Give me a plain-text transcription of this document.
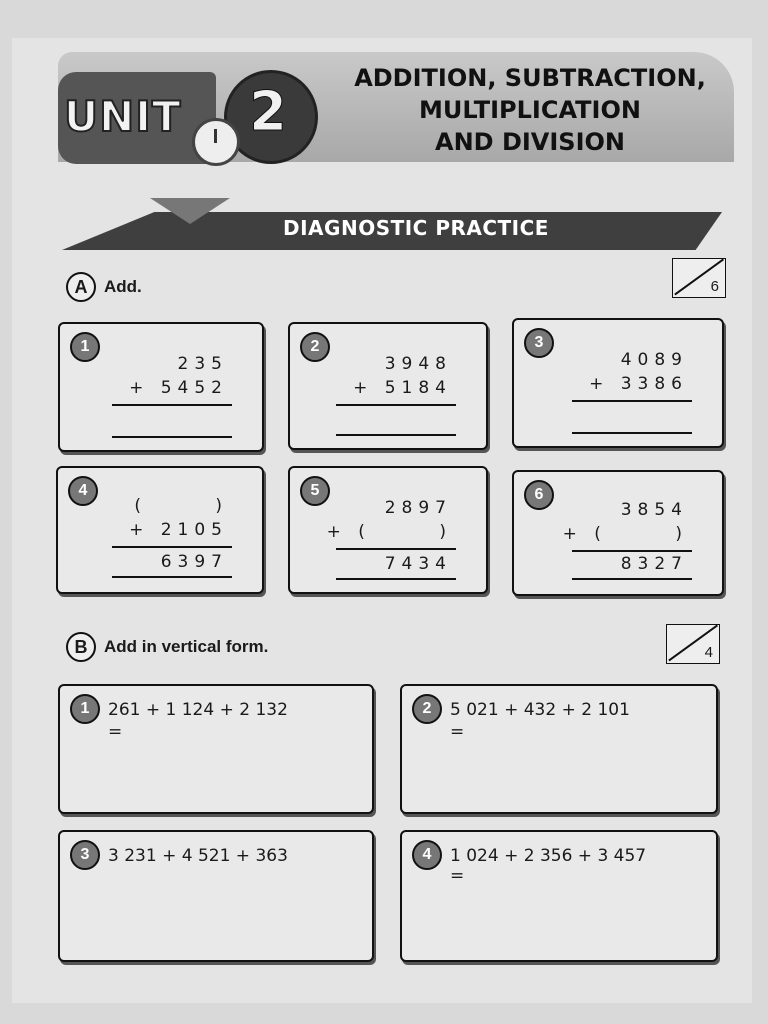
UNIT	2
ADDITION, SUBTRACTION,
MULTIPLICATION
AND DIVISION
DIAGNOSTIC PRACTICE
A Add.	6
1
235
+ 5452
2
3948
+ 5184
3
4089
+ 3386
4
(      )
+ 2105
6397
5
2897
+ (      )
7434
6
3854
+ (      )
8327
B Add in vertical form.	4
1	261 + 1 124 + 2 132
=
2	5 021 + 432 + 2 101
=
3	3 231 + 4 521 + 363	4	1 024 + 2 356 + 3 457
=
